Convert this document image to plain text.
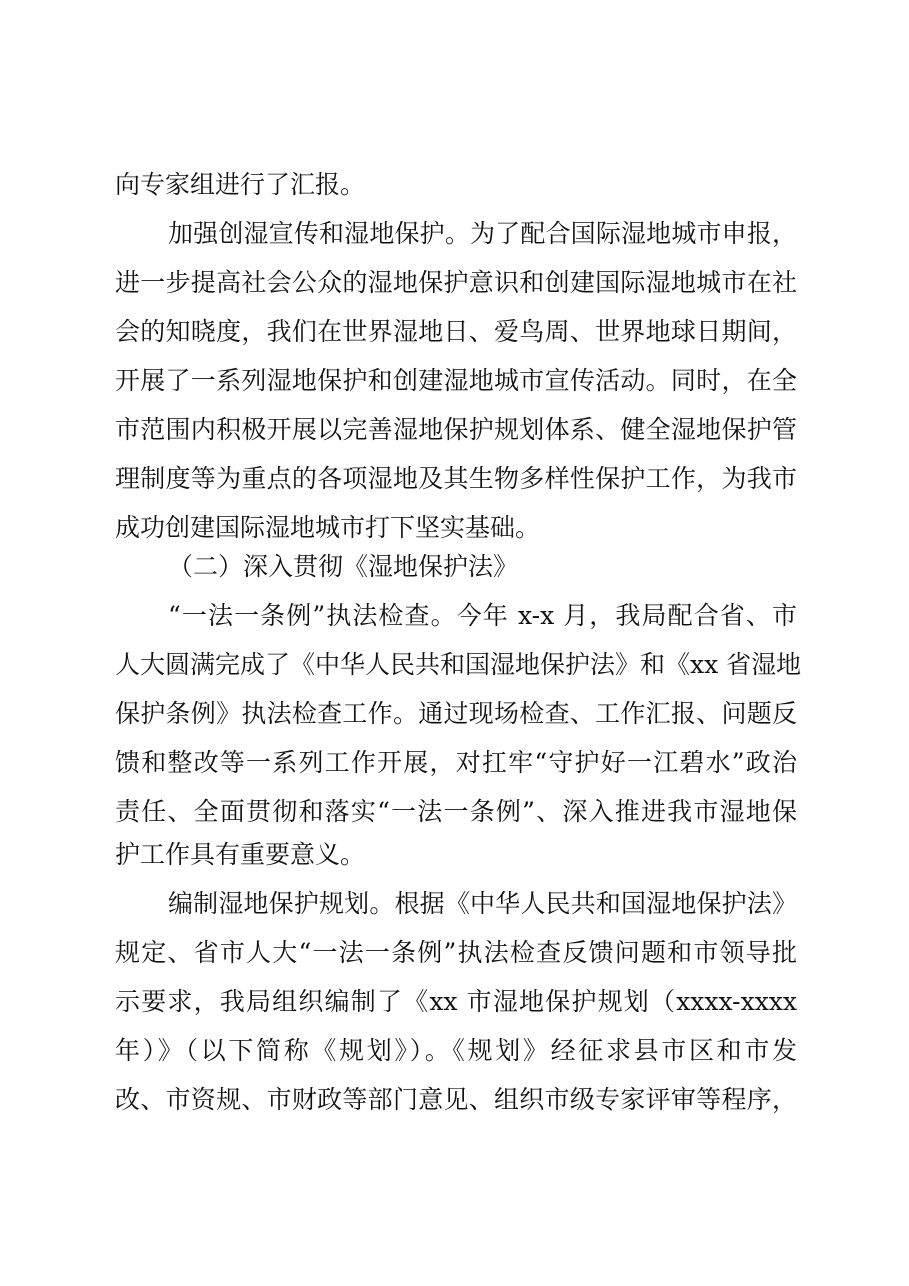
向专家组进行了汇报。
加强创湿宣传和湿地保护。为了配合国际湿地城市申报，
进一步提高社会公众的湿地保护意识和创建国际湿地城市在社
会的知晓度，我们在世界湿地日、爱鸟周、世界地球日期间，
开展了一系列湿地保护和创建湿地城市宣传活动。同时，在全
市范围内积极开展以完善湿地保护规划体系、健全湿地保护管
理制度等为重点的各项湿地及其生物多样性保护工作，为我市
成功创建国际湿地城市打下坚实基础。
（二）深入贯彻《湿地保护法》
“一法一条例”执法检查。今年 x-x 月，我局配合省、市
人大圆满完成了《中华人民共和国湿地保护法》和《xx 省湿地
保护条例》执法检查工作。通过现场检查、工作汇报、问题反
馈和整改等一系列工作开展，对扛牢“守护好一江碧水”政治
责任、全面贯彻和落实“一法一条例”、深入推进我市湿地保
护工作具有重要意义。
编制湿地保护规划。根据《中华人民共和国湿地保护法》
规定、省市人大“一法一条例”执法检查反馈问题和市领导批
示要求，我局组织编制了《xx 市湿地保护规划（xxxx-xxxx
年）》（以下简称《规划》）。《规划》经征求县市区和市发
改、市资规、市财政等部门意见、组织市级专家评审等程序，
